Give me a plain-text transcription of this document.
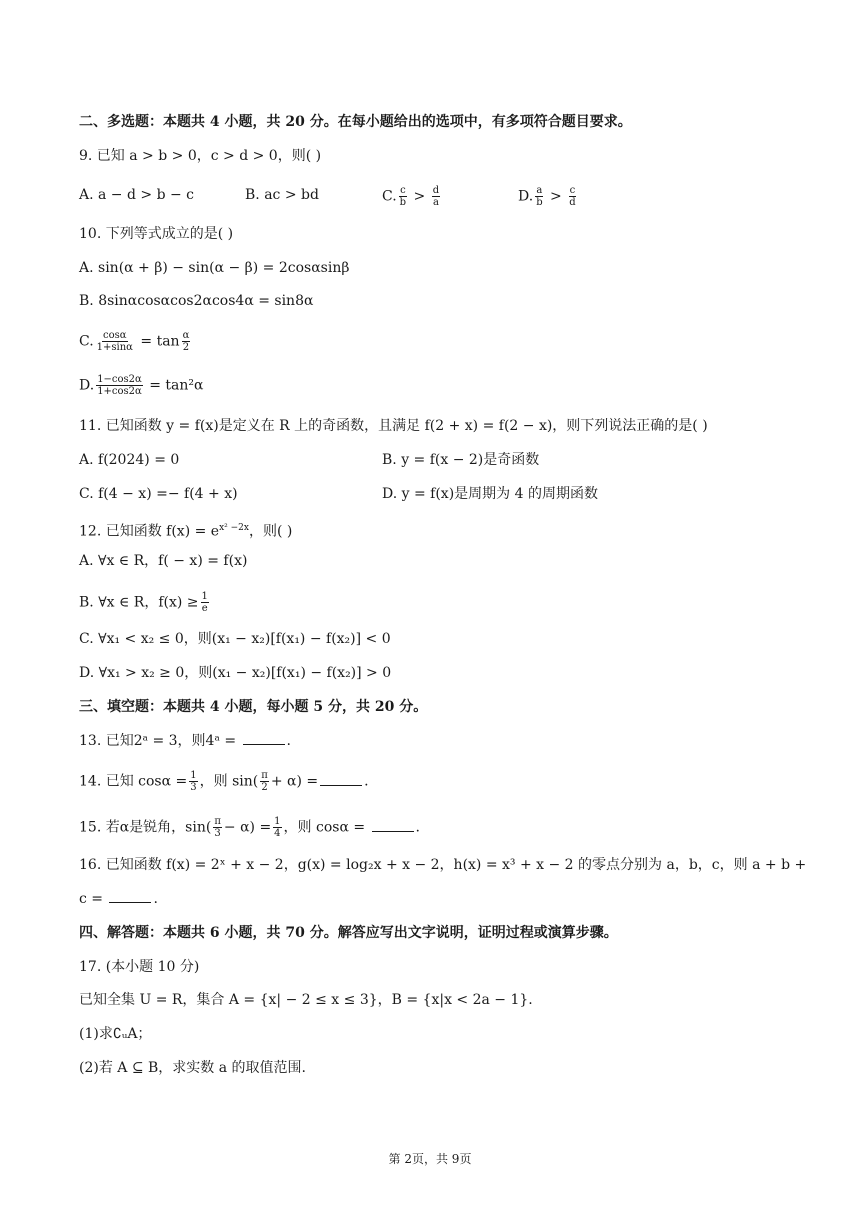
二、多选题：本题共 4 小题，共 20 分。在每小题给出的选项中，有多项符合题目要求。
9. 已知 a > b > 0，c > d > 0，则( )
A. a − d > b − c	B. ac > bd	C. $\frac{c}{b} > \frac{d}{a}$	D. $\frac{a}{b} > \frac{c}{d}$
10. 下列等式成立的是( )
A. sin(α + β) − sin(α − β) = 2cosαsinβ
B. 8sinαcosαcos2αcos4α = sin8α
C. $\frac{\cos\alpha}{1+\sin\alpha} = \tan \frac{\alpha}{2}$
D. $\frac{1-\cos 2\alpha}{1+\cos 2\alpha} = \tan^2\alpha$
11. 已知函数 y = f(x)是定义在 R 上的奇函数，且满足 f(2 + x) = f(2 − x)，则下列说法正确的是( )
A. f(2024) = 0	B. y = f(x − 2)是奇函数
C. f(4 − x) =− f(4 + x)	D. y = f(x)是周期为 4 的周期函数
12. 已知函数 $f(x) = e^{x^2 -2x}$，则( )
A. ∀x ∈ R，f( − x) = f(x)
B. ∀x ∈ R，$f(x) \ge \frac{1}{e}$
C. ∀x₁ < x₂ ≤ 0，则(x₁ − x₂)[f(x₁) − f(x₂)] < 0
D. ∀x₁ > x₂ ≥ 0，则(x₁ − x₂)[f(x₁) − f(x₂)] > 0
三、填空题：本题共 4 小题，每小题 5 分，共 20 分。
13. 已知2ᵃ = 3，则4ᵃ =	.
14. 已知 $\cos\alpha = \frac{1}{3}$ ，则 $\sin( \frac{\pi}{2} + \alpha)$ =	.
15. 若α是锐角，$\sin( \frac{\pi}{3} - \alpha) = \frac{1}{4}$ ，则 cosα =	.
16. 已知函数 f(x) = 2ˣ + x − 2，g(x) = log₂x + x − 2，h(x) = x³ + x − 2 的零点分别为 a，b，c，则 a + b +
c =	.
四、解答题：本题共 6 小题，共 70 分。解答应写出文字说明，证明过程或演算步骤。
17. (本小题 10 分)
已知全集 U = R，集合 A = {x| − 2 ≤ x ≤ 3}，B = {x|x < 2a − 1}.
(1)求∁ᵤA；
(2)若 A ⊆ B，求实数 a 的取值范围.
第 2页，共 9页
